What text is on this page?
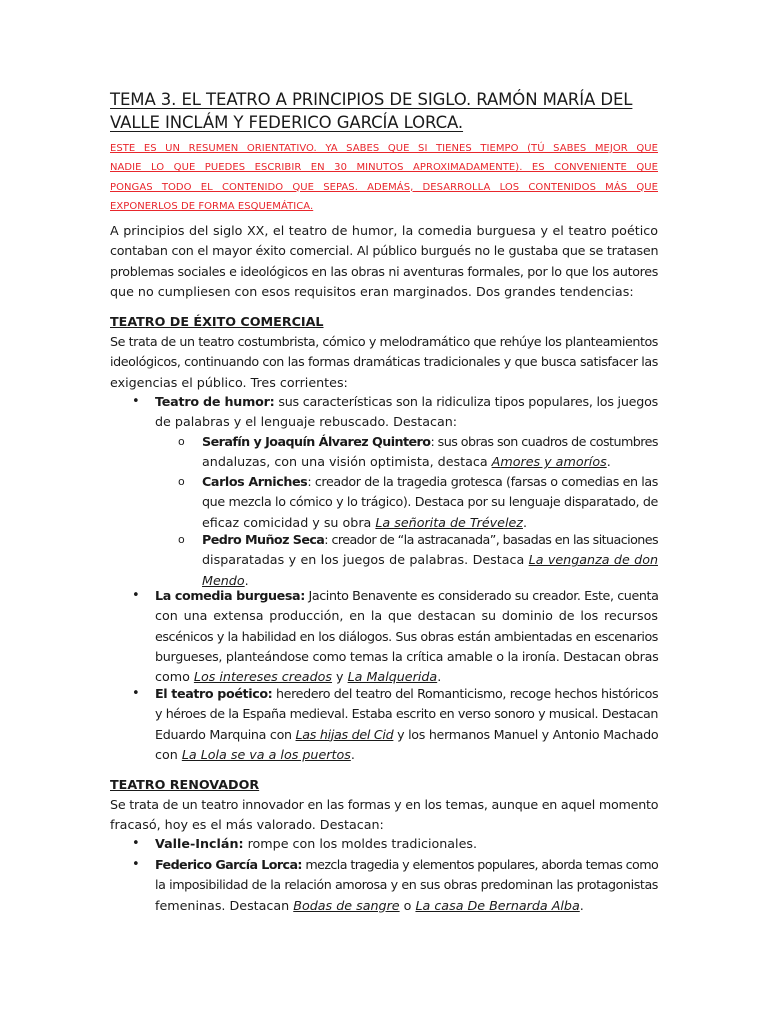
TEMA 3. EL TEATRO A PRINCIPIOS DE SIGLO. RAMÓN MARÍA DEL
VALLE INCLÁM Y FEDERICO GARCÍA LORCA.
ESTE ES UN RESUMEN ORIENTATIVO. YA SABES QUE SI TIENES TIEMPO (TÚ SABES MEJOR QUE
NADIE LO QUE PUEDES ESCRIBIR EN 30 MINUTOS APROXIMADAMENTE). ES CONVENIENTE QUE
PONGAS TODO EL CONTENIDO QUE SEPAS. ADEMÁS, DESARROLLA LOS CONTENIDOS MÁS QUE
EXPONERLOS DE FORMA ESQUEMÁTICA.
A principios del siglo XX, el teatro de humor, la comedia burguesa y el teatro poético
contaban con el mayor éxito comercial. Al público burgués no le gustaba que se tratasen
problemas sociales e ideológicos en las obras ni aventuras formales, por lo que los autores
que no cumpliesen con esos requisitos eran marginados. Dos grandes tendencias:
TEATRO DE ÉXITO COMERCIAL
Se trata de un teatro costumbrista, cómico y melodramático que rehúye los planteamientos
ideológicos, continuando con las formas dramáticas tradicionales y que busca satisfacer las
exigencias el público. Tres corrientes:
• Teatro de humor: sus características son la ridiculiza tipos populares, los juegos
de palabras y el lenguaje rebuscado. Destacan:
o Serafín y Joaquín Álvarez Quintero: sus obras son cuadros de costumbres
andaluzas, con una visión optimista, destaca Amores y amoríos.
o Carlos Arniches: creador de la tragedia grotesca (farsas o comedias en las
que mezcla lo cómico y lo trágico). Destaca por su lenguaje disparatado, de
eficaz comicidad y su obra La señorita de Trévelez.
o Pedro Muñoz Seca: creador de “la astracanada”, basadas en las situaciones
disparatadas y en los juegos de palabras. Destaca La venganza de don
Mendo.
• La comedia burguesa: Jacinto Benavente es considerado su creador. Este, cuenta
con una extensa producción, en la que destacan su dominio de los recursos
escénicos y la habilidad en los diálogos. Sus obras están ambientadas en escenarios
burgueses, planteándose como temas la crítica amable o la ironía. Destacan obras
como Los intereses creados y La Malquerida.
• El teatro poético: heredero del teatro del Romanticismo, recoge hechos históricos
y héroes de la España medieval. Estaba escrito en verso sonoro y musical. Destacan
Eduardo Marquina con Las hijas del Cid y los hermanos Manuel y Antonio Machado
con La Lola se va a los puertos.
TEATRO RENOVADOR
Se trata de un teatro innovador en las formas y en los temas, aunque en aquel momento
fracasó, hoy es el más valorado. Destacan:
• Valle-Inclán: rompe con los moldes tradicionales.
• Federico García Lorca: mezcla tragedia y elementos populares, aborda temas como
la imposibilidad de la relación amorosa y en sus obras predominan las protagonistas
femeninas. Destacan Bodas de sangre o La casa De Bernarda Alba.
